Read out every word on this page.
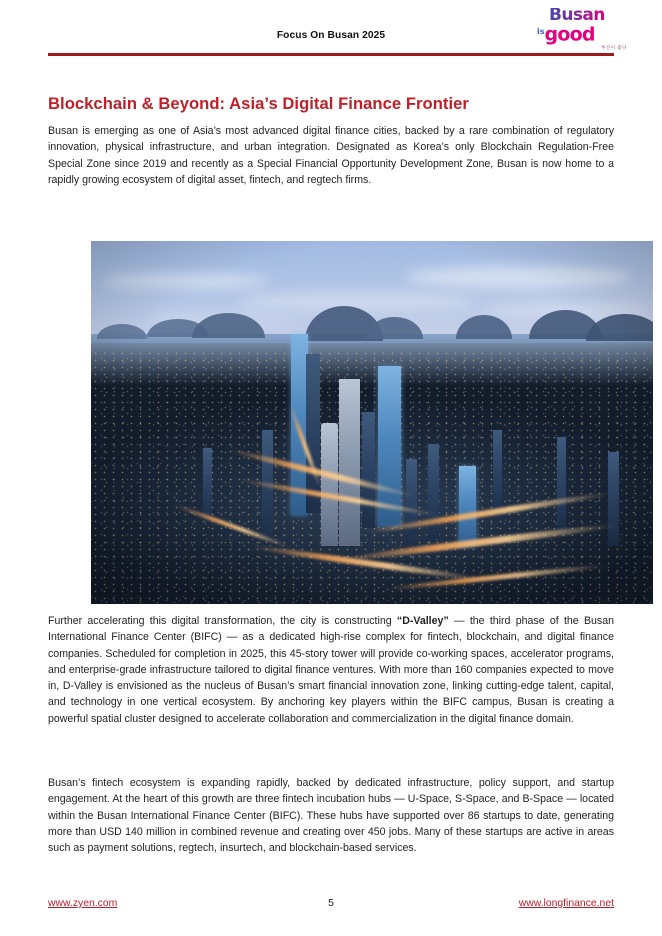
Focus On Busan 2025
Busan
$^{is}$good
부산이 좋다
Blockchain & Beyond: Asia’s Digital Finance Frontier

Busan is emerging as one of Asia’s most advanced digital finance cities, backed by a rare combination of regulatory innovation, physical infrastructure, and urban integration. Designated as Korea’s only Blockchain Regulation-Free Special Zone since 2019 and recently as a Special Financial Opportunity Development Zone, Busan is now home to a rapidly growing ecosystem of digital asset, fintech, and regtech firms.

Further accelerating this digital transformation, the city is constructing “D-Valley” — the third phase of the Busan International Finance Center (BIFC) — as a dedicated high-rise complex for fintech, blockchain, and digital finance companies. Scheduled for completion in 2025, this 45-story tower will provide co-working spaces, accelerator programs, and enterprise-grade infrastructure tailored to digital finance ventures. With more than 160 companies expected to move in, D-Valley is envisioned as the nucleus of Busan’s smart financial innovation zone, linking cutting-edge talent, capital, and technology in one vertical ecosystem. By anchoring key players within the BIFC campus, Busan is creating a powerful spatial cluster designed to accelerate collaboration and commercialization in the digital finance domain.

Busan’s fintech ecosystem is expanding rapidly, backed by dedicated infrastructure, policy support, and startup engagement. At the heart of this growth are three fintech incubation hubs — U-Space, S-Space, and B-Space — located within the Busan International Finance Center (BIFC). These hubs have supported over 86 startups to date, generating more than USD 140 million in combined revenue and creating over 450 jobs. Many of these startups are active in areas such as payment solutions, regtech, insurtech, and blockchain-based services.

www.zyen.com	5	www.longfinance.net
